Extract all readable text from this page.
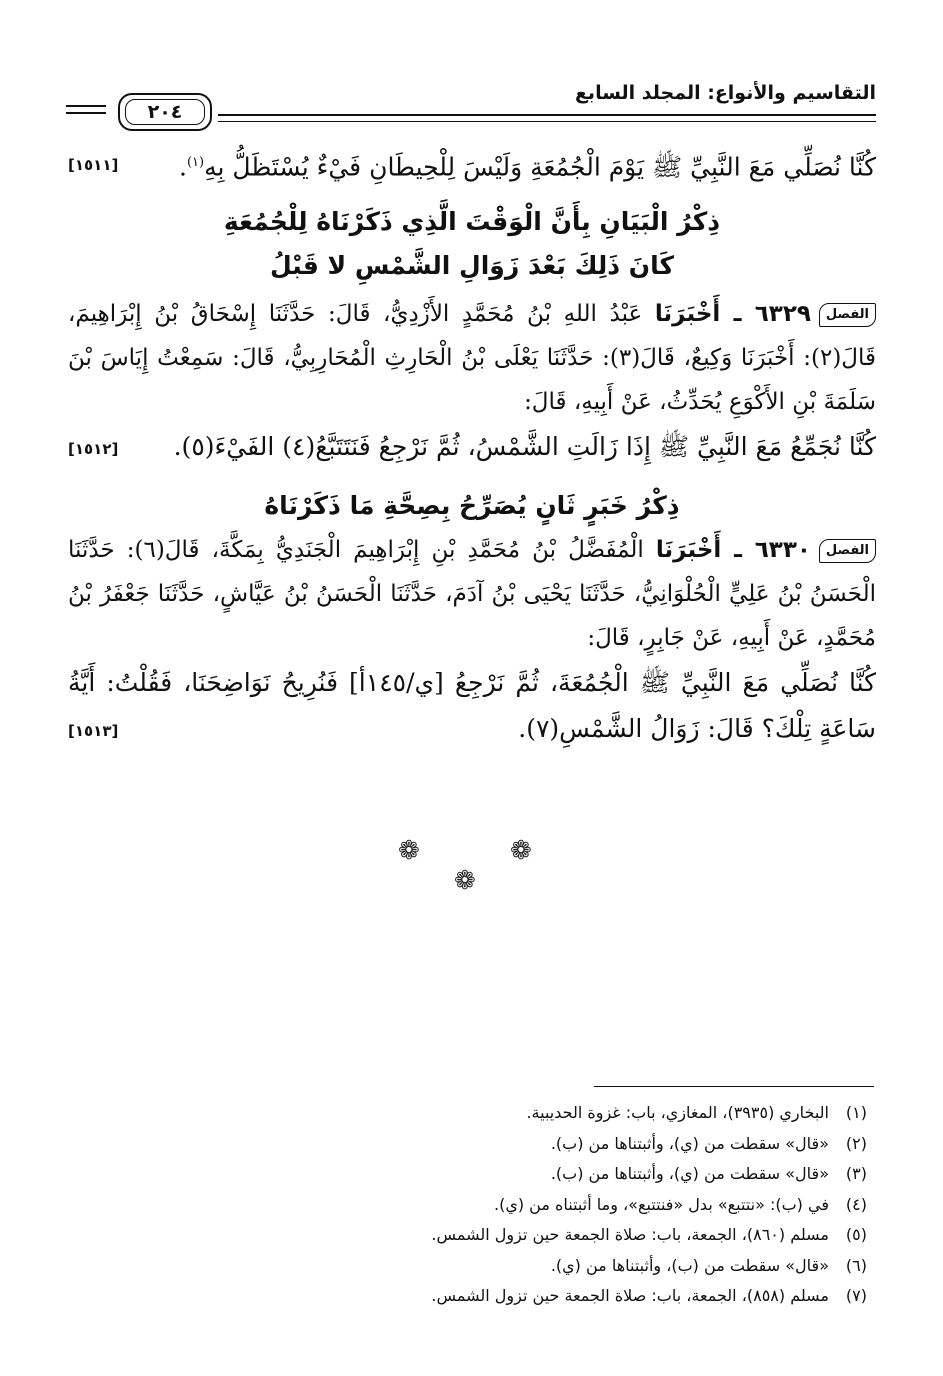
التقاسيم والأنواع: المجلد السابع
٢٠٤

[١٥١١]	كُنَّا نُصَلِّي مَعَ النَّبِيِّ ﷺ يَوْمَ الْجُمُعَةِ وَلَيْسَ لِلْحِيطَانِ فَيْءٌ يُسْتَظَلُّ بِهِ$^{(١)}$.

ذِكْرُ الْبَيَانِ بِأَنَّ الْوَقْتَ الَّذِي ذَكَرْنَاهُ لِلْجُمُعَةِ

كَانَ ذَلِكَ بَعْدَ زَوَالِ الشَّمْسِ لا قَبْلُ

الفصل٦٣٢٩ ـ أَخْبَرَنَا عَبْدُ اللهِ بْنُ مُحَمَّدٍ الأَزْدِيُّ، قَالَ: حَدَّثَنَا إِسْحَاقُ بْنُ إِبْرَاهِيمَ، قَالَ(٢): أَخْبَرَنَا وَكِيعٌ، قَالَ(٣): حَدَّثَنَا يَعْلَى بْنُ الْحَارِثِ الْمُحَارِبِيُّ، قَالَ: سَمِعْتُ إِيَاسَ بْنَ سَلَمَةَ بْنِ الأَكْوَعِ يُحَدِّثُ، عَنْ أَبِيهِ، قَالَ:

[١٥١٢] كُنَّا نُجَمِّعُ مَعَ النَّبِيِّ ﷺ إِذَا زَالَتِ الشَّمْسُ، ثُمَّ نَرْجِعُ فَنَتَتَبَّعُ(٤) الفَيْءَ(٥).

ذِكْرُ خَبَرٍ ثَانٍ يُصَرِّحُ بِصِحَّةِ مَا ذَكَرْنَاهُ

الفصل٦٣٣٠ ـ أَخْبَرَنَا الْمُفَضَّلُ بْنُ مُحَمَّدِ بْنِ إِبْرَاهِيمَ الْجَنَدِيُّ بِمَكَّةَ، قَالَ(٦): حَدَّثَنَا الْحَسَنُ بْنُ عَلِيٍّ الْحُلْوَانِيُّ، حَدَّثَنَا يَحْيَى بْنُ آدَمَ، حَدَّثَنَا الْحَسَنُ بْنُ عَيَّاشٍ، حَدَّثَنَا جَعْفَرُ بْنُ مُحَمَّدٍ، عَنْ أَبِيهِ، عَنْ جَابِرٍ، قَالَ:

كُنَّا نُصَلِّي مَعَ النَّبِيِّ ﷺ الْجُمُعَةَ، ثُمَّ نَرْجِعُ [ي/١٤٥أ] فَنُرِيحُ نَوَاضِحَنَا، فَقُلْتُ: أَيَّةُ سَاعَةٍ تِلْكَ؟ قَالَ: زَوَالُ الشَّمْسِ(٧).
[١٥١٣]

❁
❁
❁
(١)البخاري (٣٩٣٥)، المغازي، باب: غزوة الحديبية.
(٢)«قال» سقطت من (ي)، وأثبتناها من (ب).
(٣)«قال» سقطت من (ي)، وأثبتناها من (ب).
(٤)في (ب): «نتتبع» بدل «فنتتبع»، وما أثبتناه من (ي).
(٥)مسلم (٨٦٠)، الجمعة، باب: صلاة الجمعة حين تزول الشمس.
(٦)«قال» سقطت من (ب)، وأثبتناها من (ي).
(٧)مسلم (٨٥٨)، الجمعة، باب: صلاة الجمعة حين تزول الشمس.
